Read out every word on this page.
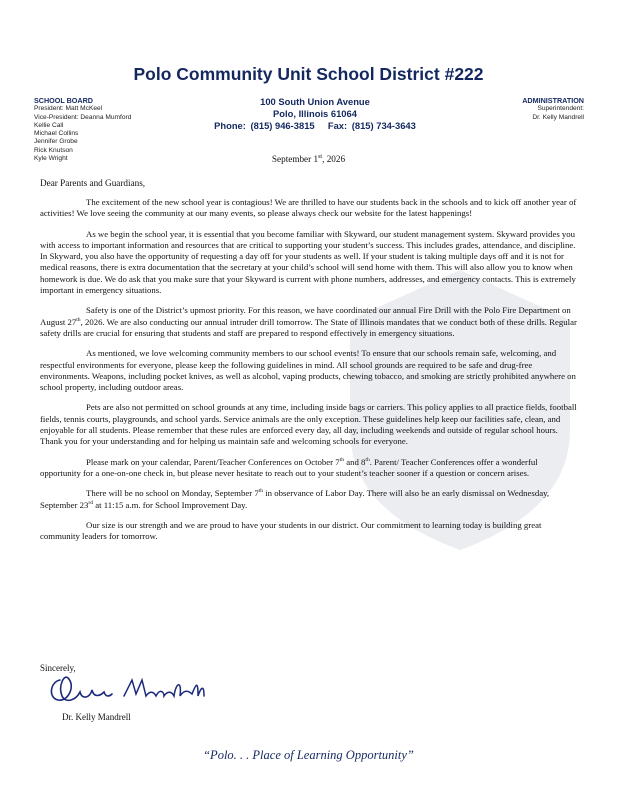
Polo Community Unit School District #222
SCHOOL BOARD
President: Matt McKeel
Vice-President: Deanna Mumford
Kellie Call
Michael Collins
Jennifer Grobe
Rick Knutson
Kyle Wright
100 South Union Avenue
Polo, Illinois 61064
Phone: (815) 946-3815 Fax: (815) 734-3643
ADMINISTRATION
Superintendent:
Dr. Kelly Mandrell
September 1st, 2026
Dear Parents and Guardians,

The excitement of the new school year is contagious! We are thrilled to have our students back in the schools and to kick off another year of activities! We love seeing the community at our many events, so please always check our website for the latest happenings!

As we begin the school year, it is essential that you become familiar with Skyward, our student management system. Skyward provides you with access to important information and resources that are critical to supporting your student’s success. This includes grades, attendance, and discipline. In Skyward, you also have the opportunity of requesting a day off for your students as well. If your student is taking multiple days off and it is not for medical reasons, there is extra documentation that the secretary at your child’s school will send home with them. This will also allow you to know when homework is due. We do ask that you make sure that your Skyward is current with phone numbers, addresses, and emergency contacts. This is extremely important in emergency situations.

Safety is one of the District’s upmost priority. For this reason, we have coordinated our annual Fire Drill with the Polo Fire Department on August 27th, 2026. We are also conducting our annual intruder drill tomorrow. The State of Illinois mandates that we conduct both of these drills. Regular safety drills are crucial for ensuring that students and staff are prepared to respond effectively in emergency situations.

As mentioned, we love welcoming community members to our school events! To ensure that our schools remain safe, welcoming, and respectful environments for everyone, please keep the following guidelines in mind. All school grounds are required to be safe and drug-free environments. Weapons, including pocket knives, as well as alcohol, vaping products, chewing tobacco, and smoking are strictly prohibited anywhere on school property, including outdoor areas.

Pets are also not permitted on school grounds at any time, including inside bags or carriers. This policy applies to all practice fields, football fields, tennis courts, playgrounds, and school yards. Service animals are the only exception. These guidelines help keep our facilities safe, clean, and enjoyable for all students. Please remember that these rules are enforced every day, all day, including weekends and outside of regular school hours. Thank you for your understanding and for helping us maintain safe and welcoming schools for everyone.

Please mark on your calendar, Parent/Teacher Conferences on October 7th and 8th. Parent/ Teacher Conferences offer a wonderful opportunity for a one-on-one check in, but please never hesitate to reach out to your student’s teacher sooner if a question or concern arises.

There will be no school on Monday, September 7th in observance of Labor Day. There will also be an early dismissal on Wednesday, September 23rd at 11:15 a.m. for School Improvement Day.

Our size is our strength and we are proud to have your students in our district. Our commitment to learning today is building great community leaders for tomorrow.

Sincerely,
Dr. Kelly Mandrell
“Polo. . . Place of Learning Opportunity”
